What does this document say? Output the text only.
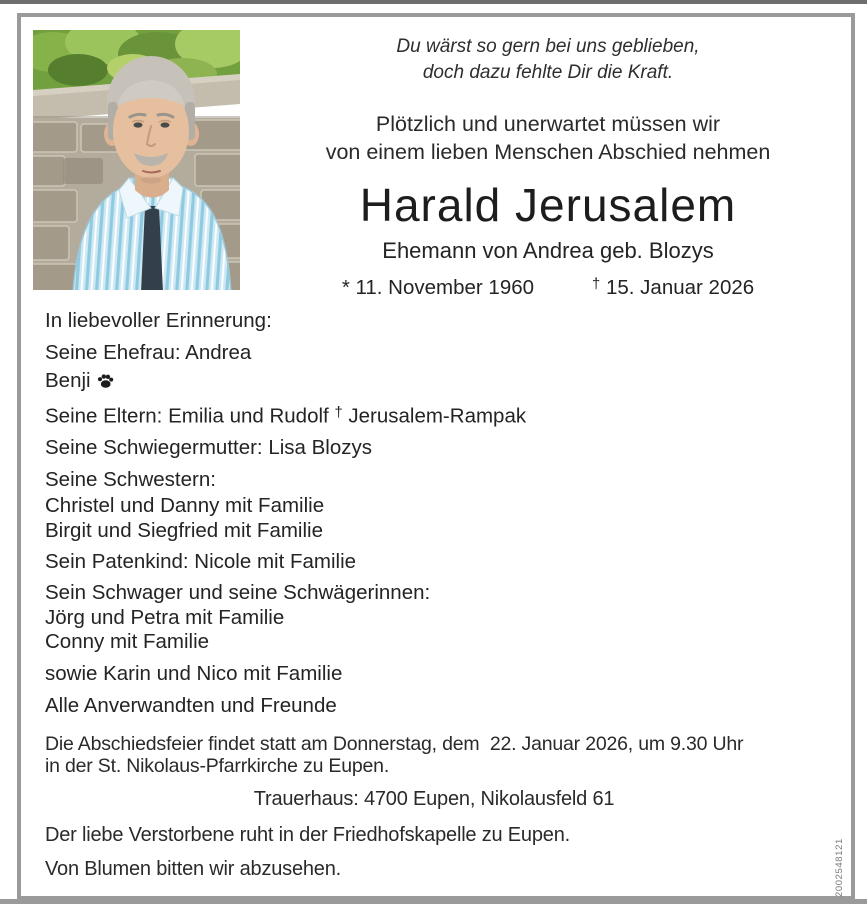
Du wärst so gern bei uns geblieben,
doch dazu fehlte Dir die Kraft.
Plötzlich und unerwartet müssen wir
von einem lieben Menschen Abschied nehmen
Harald Jerusalem
Ehemann von Andrea geb. Blozys
* 11. November 1960	† 15. Januar 2026
In liebevoller Erinnerung:
Seine Ehefrau: Andrea
Benji
Seine Eltern: Emilia und Rudolf † Jerusalem-Rampak
Seine Schwiegermutter: Lisa Blozys
Seine Schwestern:
Christel und Danny mit Familie
Birgit und Siegfried mit Familie
Sein Patenkind: Nicole mit Familie
Sein Schwager und seine Schwägerinnen:
Jörg und Petra mit Familie
Conny mit Familie
sowie Karin und Nico mit Familie
Alle Anverwandten und Freunde
Die Abschiedsfeier findet statt am Donnerstag, dem  22. Januar 2026, um 9.30 Uhr
in der St. Nikolaus-Pfarrkirche zu Eupen.
Trauerhaus: 4700 Eupen, Nikolausfeld 61
Der liebe Verstorbene ruht in der Friedhofskapelle zu Eupen.
Von Blumen bitten wir abzusehen.	2002548121
